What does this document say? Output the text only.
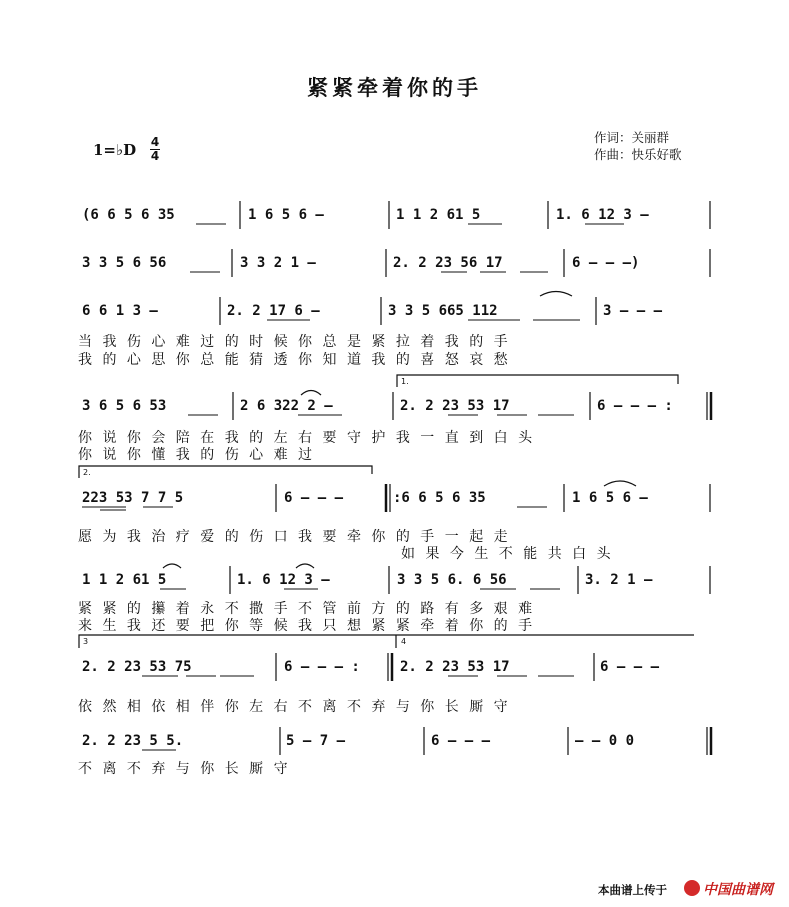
紧紧牵着你的手
1=♭D 4
4
作词：关丽群
作曲：快乐好歌
(6 6 5 6 35	1 6 5 6 –	1 1 2 61 5	1. 6 12 3 –
3 3 5 6 56	3 3 2 1 –	2. 2 23 56 17	6 – – –)
6 6 1 3 –	2. 2 17 6 –	3 3 5 665 112	3 – – –
当 我 伤 心 难 过 的 时 候 你 总 是 紧 拉 着 我 的 手
我 的 心 思 你 总 能 猜 透 你 知 道 我 的 喜 怒 哀 愁
1.
3 6 5 6 53	2 6 322 2 –	2. 2 23 53 17	6 – – – :
你 说 你 会 陪 在 我 的 左 右 要 守 护 我 一 直 到 白 头
你 说 你 懂 我 的 伤 心 难 过
2.
223 53 7 7 5	6 – – –	:6 6 5 6 35	1 6 5 6 –
愿 为 我 治 疗 爱 的 伤 口 我 要 牵 你 的 手 一 起 走
如 果 今 生 不 能 共 白 头
1 1 2 61 5	1. 6 12 3 –	3 3 5 6. 6 56	3. 2 1 –
紧 紧 的 攥 着 永 不 撒 手 不 管 前 方 的 路 有 多 艰 难
来 生 我 还 要 把 你 等 候 我 只 想 紧 紧 牵 着 你 的 手
3	4
2. 2 23 53 75	6 – – – :	2. 2 23 53 17	6 – – –
依 然 相 依 相 伴 你 左 右 不 离 不 弃 与 你 长 厮 守
2. 2 23 5 5.	5 – 7 –	6 – – –	– – 0 0
不 离 不 弃 与 你 长 厮 守
本曲谱上传于	中国曲谱网
